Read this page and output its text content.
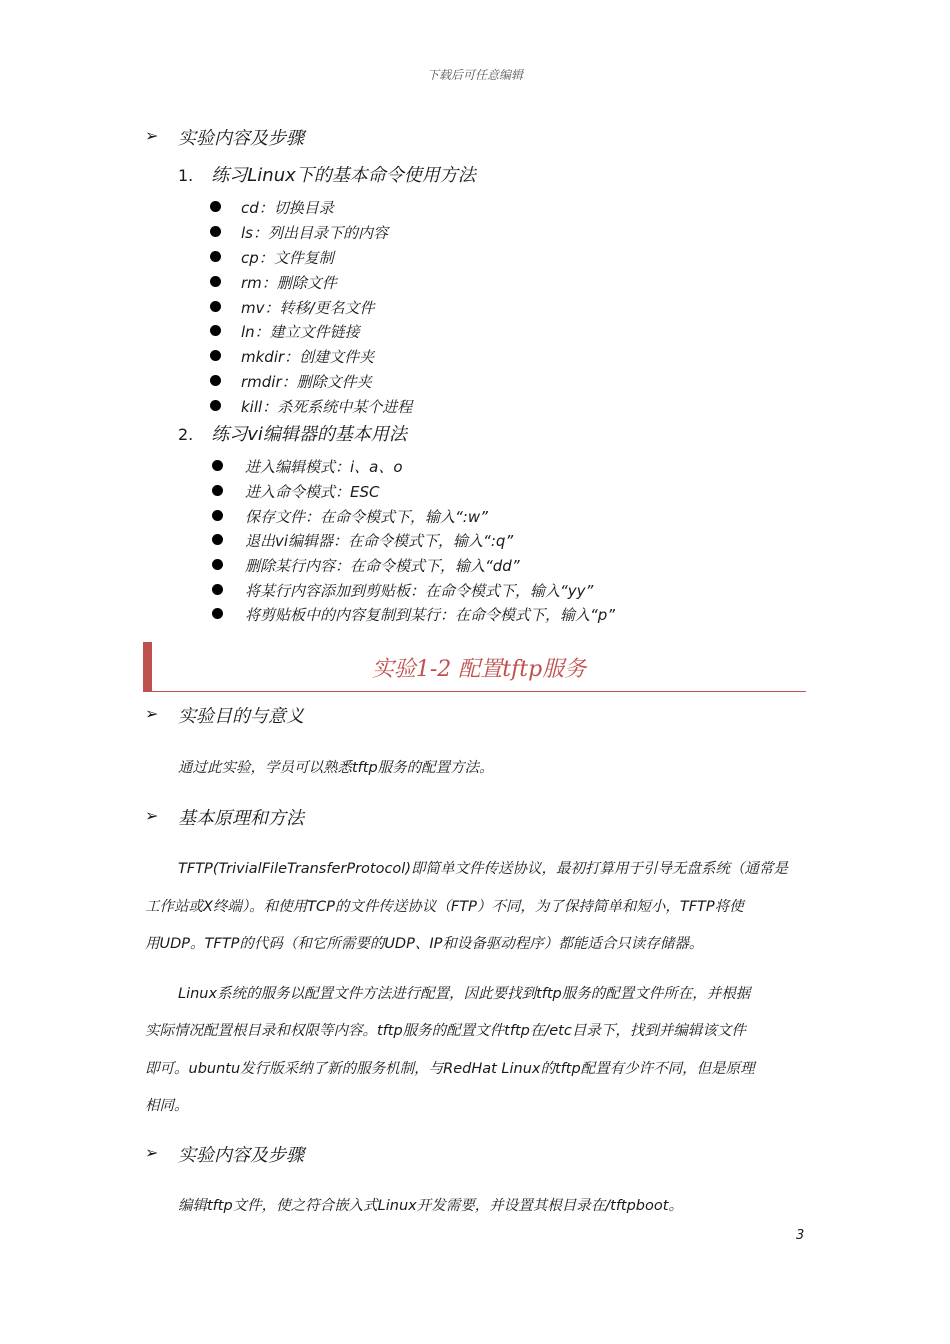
下载后可任意编辑
➢ 实验内容及步骤
1. 练习Linux下的基本命令使用方法
cd：切换目录
ls：列出目录下的内容
cp：文件复制
rm：删除文件
mv：转移/更名文件
ln：建立文件链接
mkdir：创建文件夹
rmdir：删除文件夹
kill：杀死系统中某个进程
2. 练习vi编辑器的基本用法
进入编辑模式：i、a、o
进入命令模式：ESC
保存文件：在命令模式下，输入“:w”
退出vi编辑器：在命令模式下，输入“:q”
删除某行内容：在命令模式下，输入“dd”
将某行内容添加到剪贴板：在命令模式下，输入“yy”
将剪贴板中的内容复制到某行：在命令模式下，输入“p”
实验1-2 配置tftp服务
➢ 实验目的与意义
通过此实验，学员可以熟悉tftp服务的配置方法。
➢ 基本原理和方法
TFTP(TrivialFileTransferProtocol)即简单文件传送协议，最初打算用于引导无盘系统（通常是
工作站或X终端）。和使用TCP的文件传送协议（FTP）不同，为了保持简单和短小，TFTP将使
用UDP。TFTP的代码（和它所需要的UDP、IP和设备驱动程序）都能适合只读存储器。
Linux系统的服务以配置文件方法进行配置，因此要找到tftp服务的配置文件所在，并根据
实际情况配置根目录和权限等内容。tftp服务的配置文件tftp在/etc目录下，找到并编辑该文件
即可。ubuntu发行版采纳了新的服务机制，与RedHat Linux的tftp配置有少许不同，但是原理
相同。
➢ 实验内容及步骤
编辑tftp文件，使之符合嵌入式Linux开发需要，并设置其根目录在/tftpboot。
3
